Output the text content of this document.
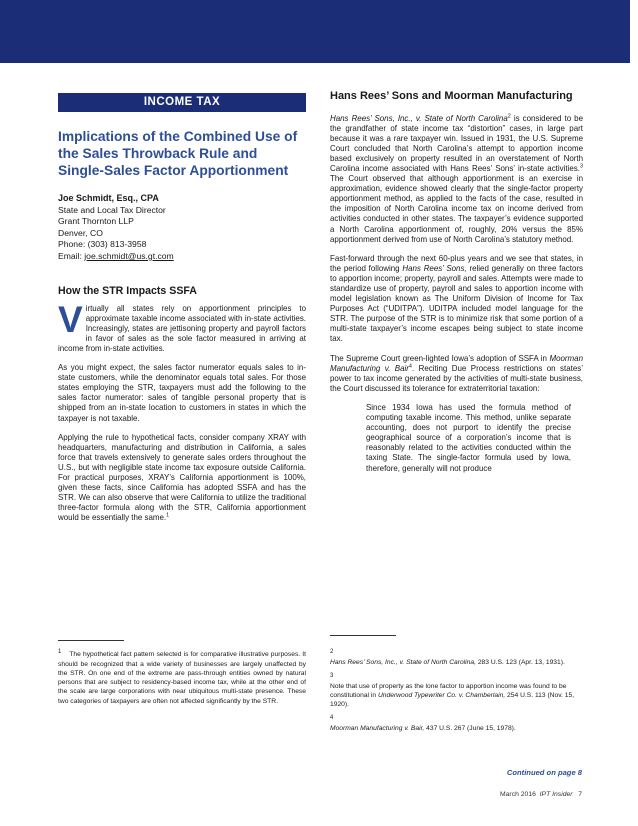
INCOME TAX
Implications of the Combined Use of the Sales Throwback Rule and Single-Sales Factor Apportionment
Joe Schmidt, Esq., CPA
State and Local Tax Director
Grant Thornton LLP
Denver, CO
Phone: (303) 813-3958
Email: joe.schmidt@us.gt.com
How the STR Impacts SSFA

Virtually all states rely on apportionment principles to approximate taxable income associated with in-state activities. Increasingly, states are jettisoning property and payroll factors in favor of sales as the sole factor measured in arriving at income from in-state activities.

As you might expect, the sales factor numerator equals sales to in-state customers, while the denominator equals total sales. For those states employing the STR, taxpayers must add the following to the sales factor numerator: sales of tangible personal property that is shipped from an in-state location to customers in states in which the taxpayer is not taxable.

Applying the rule to hypothetical facts, consider company XRAY with headquarters, manufacturing and distribution in California, a sales force that travels extensively to generate sales orders throughout the U.S., but with negligible state income tax exposure outside California. For practical purposes, XRAY’s California apportionment is 100%, given these facts, since California has adopted SSFA and has the STR. We can also observe that were California to utilize the traditional three-factor formula along with the STR, California apportionment would be essentially the same.$^1$

Hans Rees’ Sons and Moorman Manufacturing

Hans Rees’ Sons, Inc., v. State of North Carolina$^2$ is considered to be the grandfather of state income tax “distortion” cases, in large part because it was a rare taxpayer win. Issued in 1931, the U.S. Supreme Court concluded that North Carolina’s attempt to apportion income based exclusively on property resulted in an overstatement of North Carolina income associated with Hans Rees’ Sons’ in-state activities.$^3$ The Court observed that although apportionment is an exercise in approximation, evidence showed clearly that the single-factor property apportionment method, as applied to the facts of the case, resulted in the imposition of North Carolina income tax on income derived from activities conducted in other states. The taxpayer’s evidence supported a North Carolina apportionment of, roughly, 20% versus the 85% apportionment derived from use of North Carolina’s statutory method.

Fast-forward through the next 60-plus years and we see that states, in the period following Hans Rees’ Sons, relied generally on three factors to apportion income; property, payroll and sales. Attempts were made to standardize use of property, payroll and sales to apportion income with model legislation known as The Uniform Division of Income for Tax Purposes Act (“UDITPA”). UDITPA included model language for the STR. The purpose of the STR is to minimize risk that some portion of a multi-state taxpayer’s income escapes being subject to state income tax.

The Supreme Court green-lighted Iowa’s adoption of SSFA in Moorman Manufacturing v. Bair$^4$. Reciting Due Process restrictions on states’ power to tax income generated by the activities of multi-state business, the Court discussed its tolerance for extraterritorial taxation:

Since 1934 Iowa has used the formula method of computing taxable income. This method, unlike separate accounting, does not purport to identify the precise geographical source of a corporation’s income that is reasonably related to the activities conducted within the taxing State. The single-factor formula used by Iowa, therefore, generally will not produce
1 The hypothetical fact pattern selected is for comparative illustrative purposes. It should be recognized that a wide variety of businesses are largely unaffected by the STR. On one end of the extreme are pass-through entities owned by natural persons that are subject to residency-based income tax, while at the other end of the scale are large corporations with near ubiquitous multi-state presence. These two categories of taxpayers are often not affected significantly by the STR.
2
Hans Rees’ Sons, Inc., v. State of North Carolina, 283 U.S. 123 (Apr. 13, 1931).
3
Note that use of property as the lone factor to apportion income was found to be constitutional in Underwood Typewriter Co. v. Chamberlain, 254 U.S. 113 (Nov. 15, 1920).
4
Moorman Manufacturing v. Bair, 437 U.S. 267 (June 15, 1978).
Continued on page 8
March 2016 IPT Insider 7
